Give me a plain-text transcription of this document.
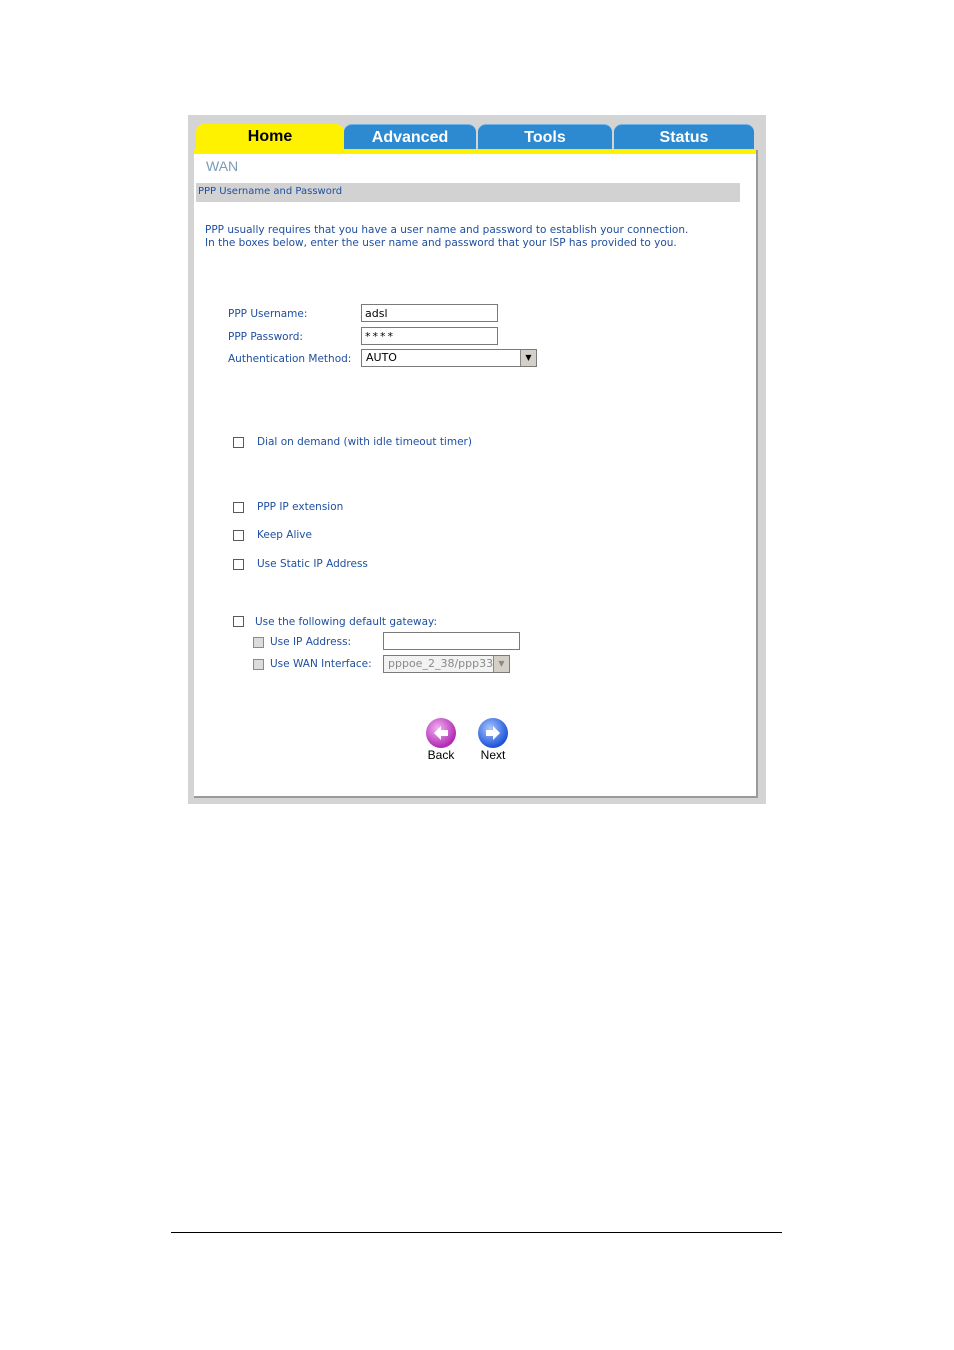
Home	Advanced	Tools	Status
WAN
PPP Username and Password
PPP usually requires that you have a user name and password to establish your connection.
In the boxes below, enter the user name and password that your ISP has provided to you.
PPP Username:	adsl
PPP Password:	****
Authentication Method:	AUTO	▼
Dial on demand (with idle timeout timer)
PPP IP extension
Keep Alive
Use Static IP Address
Use the following default gateway:
Use IP Address:
Use WAN Interface:	pppoe_2_38/ppp33 ▼
Back	Next
